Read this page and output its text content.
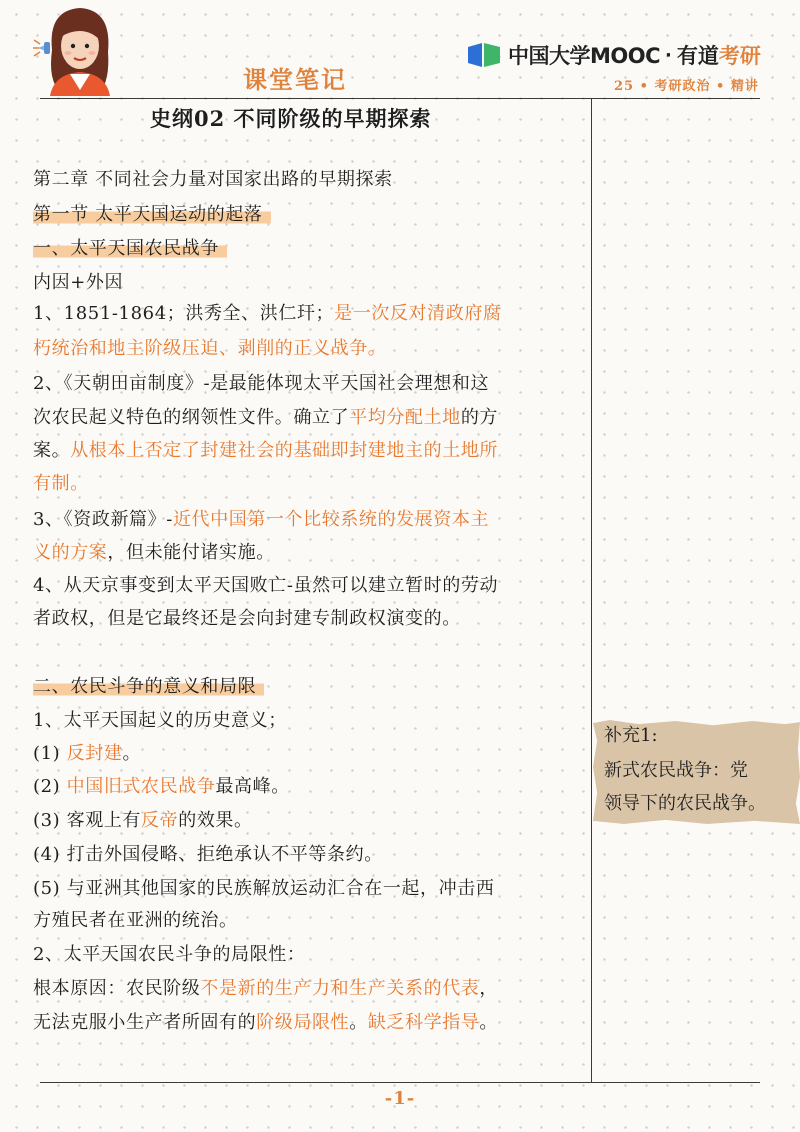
课堂笔记
中国大学MOOC · 有道考研
25 • 考研政治 • 精讲
史纲02 不同阶级的早期探索
第二章 不同社会力量对国家出路的早期探索
第一节 太平天国运动的起落
一、太平天国农民战争
内因+外因
1、1851-1864；洪秀全、洪仁玕；是一次反对清政府腐
朽统治和地主阶级压迫、剥削的正义战争。
2、《天朝田亩制度》-是最能体现太平天国社会理想和这
次农民起义特色的纲领性文件。确立了平均分配土地的方
案。从根本上否定了封建社会的基础即封建地主的土地所
有制。
3、《资政新篇》-近代中国第一个比较系统的发展资本主
义的方案，但未能付诸实施。
4、从天京事变到太平天国败亡-虽然可以建立暂时的劳动
者政权，但是它最终还是会向封建专制政权演变的。
二、农民斗争的意义和局限
1、太平天国起义的历史意义；
(1) 反封建。
(2) 中国旧式农民战争最高峰。
(3) 客观上有反帝的效果。
(4) 打击外国侵略、拒绝承认不平等条约。
(5) 与亚洲其他国家的民族解放运动汇合在一起，冲击西
方殖民者在亚洲的统治。
2、太平天国农民斗争的局限性：
根本原因：农民阶级不是新的生产力和生产关系的代表，
无法克服小生产者所固有的阶级局限性。缺乏科学指导。
补充1:
新式农民战争：党
领导下的农民战争。
-1-
